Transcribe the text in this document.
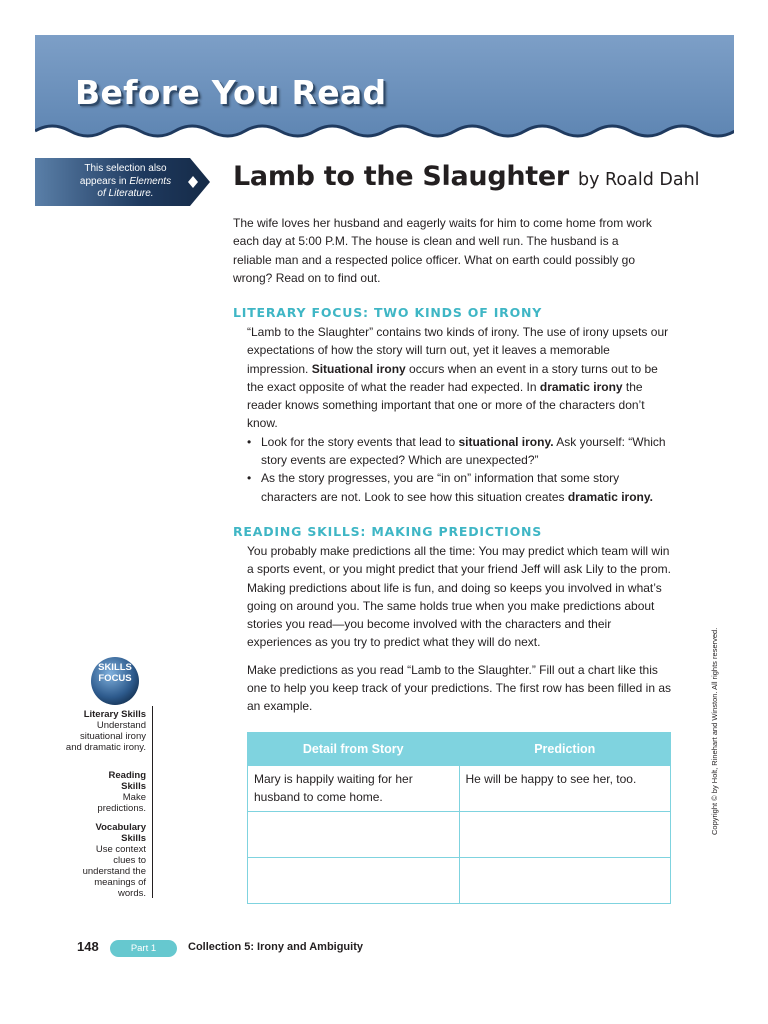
Before You Read
This selection also
appears in Elements
of Literature.
Lamb to the Slaughter by Roald Dahl

The wife loves her husband and eagerly waits for him to come home from work each day at 5:00 P.M. The house is clean and well run. The husband is a reliable man and a respected police officer. What on earth could possibly go wrong? Read on to find out.

LITERARY FOCUS: TWO KINDS OF IRONY

“Lamb to the Slaughter” contains two kinds of irony. The use of irony upsets our expectations of how the story will turn out, yet it leaves a memorable impression. Situational irony occurs when an event in a story turns out to be the exact opposite of what the reader had expected. In dramatic irony the reader knows something important that one or more of the characters don’t know.

• Look for the story events that lead to situational irony. Ask yourself: “Which story events are expected? Which are unexpected?”
• As the story progresses, you are “in on” information that some story characters are not. Look to see how this situation creates dramatic irony.
READING SKILLS: MAKING PREDICTIONS

You probably make predictions all the time: You may predict which team will win a sports event, or you might predict that your friend Jeff will ask Lily to the prom. Making predictions about life is fun, and doing so keeps you involved in what’s going on around you. The same holds true when you make predictions about stories you read—you become involved with the characters and their experiences as you try to predict what they will do next.

Make predictions as you read “Lamb to the Slaughter.” Fill out a chart like this one to help you keep track of your predictions. The first row has been filled in as an example.

Detail from Story	Prediction
Mary is happily waiting for her husband to come home.	He will be happy to see her, too.

SKILLS
FOCUS
Literary Skills
Understand situational irony and dramatic irony.
Reading Skills
Make predictions.
Vocabulary Skills
Use context clues to understand the meanings of words.
Copyright © by Holt, Rinehart and Winston. All rights reserved.
148	Part 1	Collection 5: Irony and Ambiguity
